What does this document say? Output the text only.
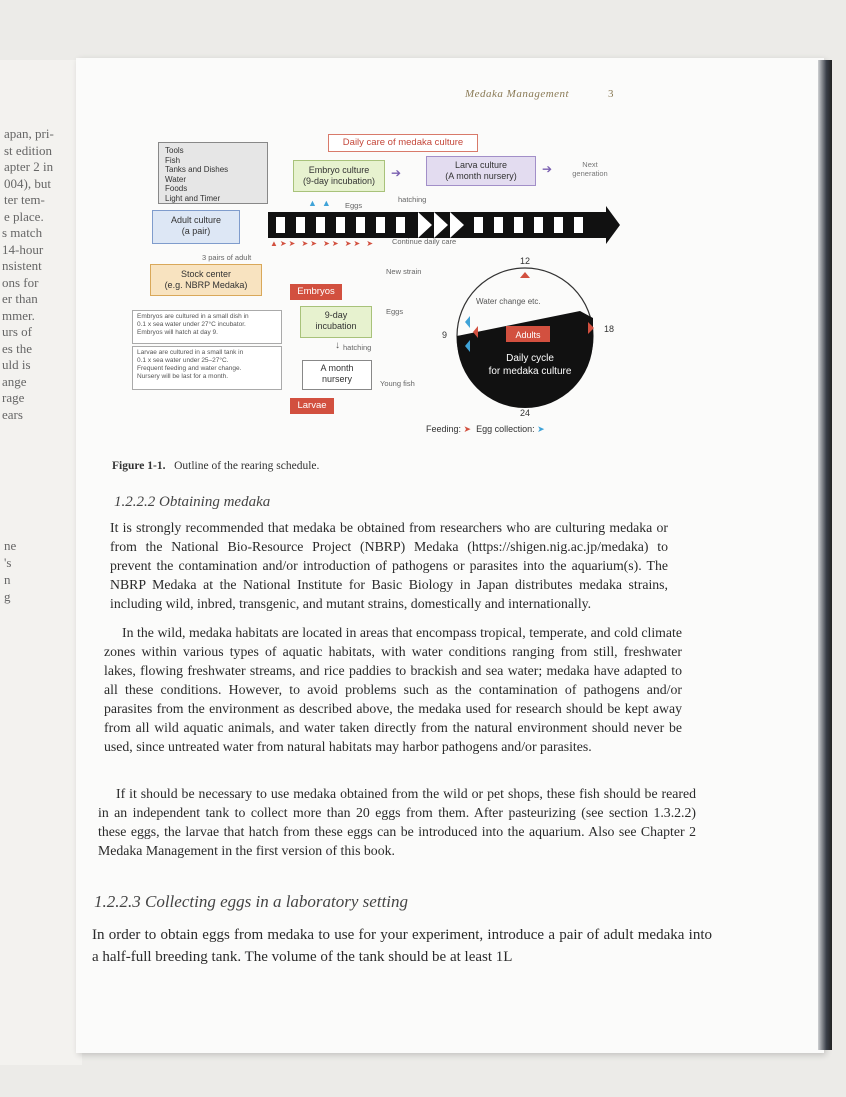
apan, pri-
st edition
apter 2 in
004), but
ter tem-
e place.
s match
14-hour
nsistent
ons for
er than
mmer.
urs of
es the
uld is
ange
rage
ears
ne
's
n
g
Medaka Management	3
Tools
Fish
Tanks and Dishes
Water
Foods
Light and Timer
Daily care of medaka culture
Embryo culture
(9-day incubation)
➔
Larva culture
(A month nursery)	➔	Next
generation
hatching
▲  ▲ Eggs
Adult culture
(a pair)
▲➤➤ ➤➤ ➤➤ ➤➤ ➤ Continue daily care
3 pairs of adult
Stock center
(e.g. NBRP Medaka)
New strain
Embryos
Embryos are cultured in a small dish in
0.1 x sea water under 27°C incubator.
Embryos will hatch at day 9.
9-day
incubation
Eggs
↓ hatching
Larvae are cultured in a small tank in
0.1 x sea water under 25–27°C.
Frequent feeding and water change.
Nursery will be last for a month.
A month
nursery	Young fish
Larvae
12
18
24
9
Water change etc.
Adults
Daily cycle
for medaka culture
Feeding: ➤ Egg collection: ➤
Figure 1-1. Outline of the rearing schedule.
1.2.2.2 Obtaining medaka

It is strongly recommended that medaka be obtained from researchers who are culturing medaka or from the National Bio-Resource Project (NBRP) Medaka (https://shigen.nig.ac.jp/medaka) to prevent the contamination and/or introduction of pathogens or parasites into the aquarium(s). The NBRP Medaka at the National Institute for Basic Biology in Japan distributes medaka strains, including wild, inbred, transgenic, and mutant strains, domestically and internationally.

In the wild, medaka habitats are located in areas that encompass tropical, temperate, and cold climate zones within various types of aquatic habitats, with water conditions ranging from still, freshwater lakes, flowing freshwater streams, and rice paddies to brackish and sea water; medaka have adapted to all these conditions. However, to avoid problems such as the contamination of pathogens and/or parasites from the environment as described above, the medaka used for research should be kept away from all wild aquatic animals, and water taken directly from the natural environment should never be used, since untreated water from natural habitats may harbor pathogens and/or parasites.

If it should be necessary to use medaka obtained from the wild or pet shops, these fish should be reared in an independent tank to collect more than 20 eggs from them. After pasteurizing (see section 1.3.2.2) these eggs, the larvae that hatch from these eggs can be introduced into the aquarium. Also see Chapter 2 Medaka Management in the first version of this book.

1.2.2.3 Collecting eggs in a laboratory setting

In order to obtain eggs from medaka to use for your experiment, introduce a pair of adult medaka into a half-full breeding tank. The volume of the tank should be at least 1L
